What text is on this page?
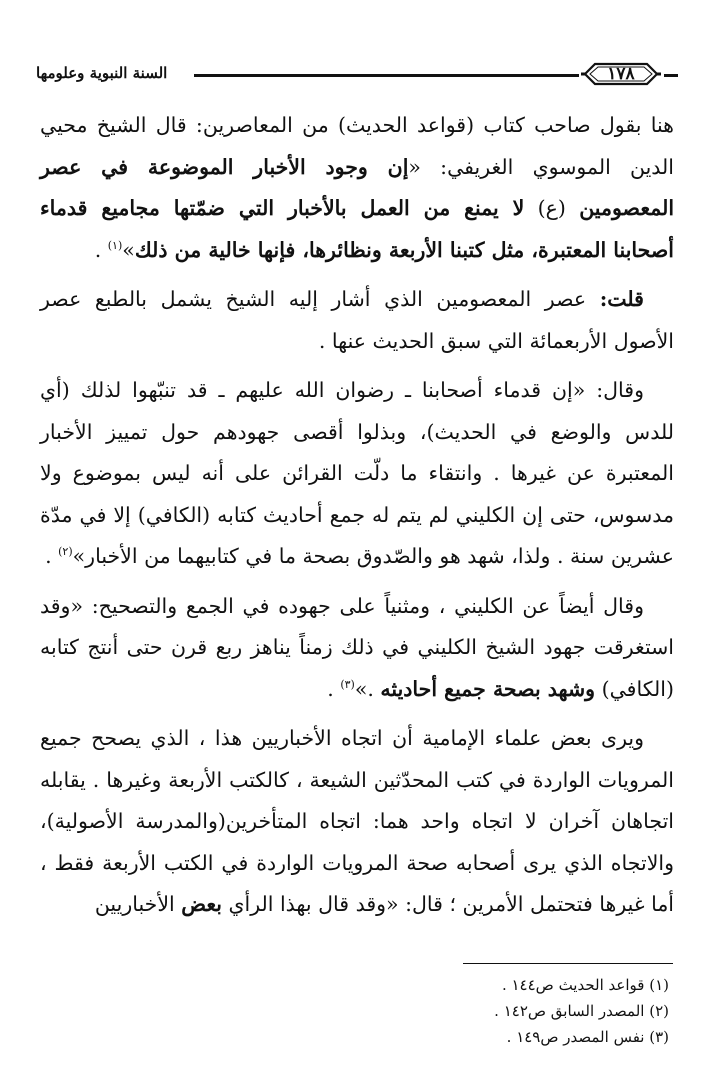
السنة النبوية وعلومها	١٧٨

هنا بقول صاحب كتاب (قواعد الحديث) من المعاصرين: قال الشيخ محيي الدين الموسوي الغريفي: «إن وجود الأخبار الموضوعة في عصر المعصومين (ع) لا يمنع من العمل بالأخبار التي ضمّتها مجاميع قدماء أصحابنا المعتبرة، مثل كتبنا الأربعة ونظائرها، فإنها خالية من ذلك»$^{(١)}$ .

قلت: عصر المعصومين الذي أشار إليه الشيخ يشمل بالطبع عصر الأصول الأربعمائة التي سبق الحديث عنها .

وقال: «إن قدماء أصحابنا ـ رضوان الله عليهم ـ قد تنبّهوا لذلك (أي للدس والوضع في الحديث)، وبذلوا أقصى جهودهم حول تمييز الأخبار المعتبرة عن غيرها . وانتقاء ما دلّت القرائن على أنه ليس بموضوع ولا مدسوس، حتى إن الكليني لم يتم له جمع أحاديث كتابه (الكافي) إلا في مدّة عشرين سنة . ولذا، شهد هو والصّدوق بصحة ما في كتابيهما من الأخبار»$^{(٢)}$ .

وقال أيضاً عن الكليني ، ومثنياً على جهوده في الجمع والتصحيح: «وقد استغرقت جهود الشيخ الكليني في ذلك زمناً يناهز ربع قرن حتى أنتج كتابه (الكافي) وشهد بصحة جميع أحاديثه .»$^{(٣)}$ .

ويرى بعض علماء الإمامية أن اتجاه الأخباريين هذا ، الذي يصحح جميع المرويات الواردة في كتب المحدّثين الشيعة ، كالكتب الأربعة وغيرها . يقابله اتجاهان آخران لا اتجاه واحد هما: اتجاه المتأخرين(والمدرسة الأصولية)، والاتجاه الذي يرى أصحابه صحة المرويات الواردة في الكتب الأربعة فقط ، أما غيرها فتحتمل الأمرين ؛ قال: «وقد قال بهذا الرأي بعض الأخباريين

(١) قواعد الحديث ص١٤٤ .
(٢) المصدر السابق ص١٤٢ .
(٣) نفس المصدر ص١٤٩ .
